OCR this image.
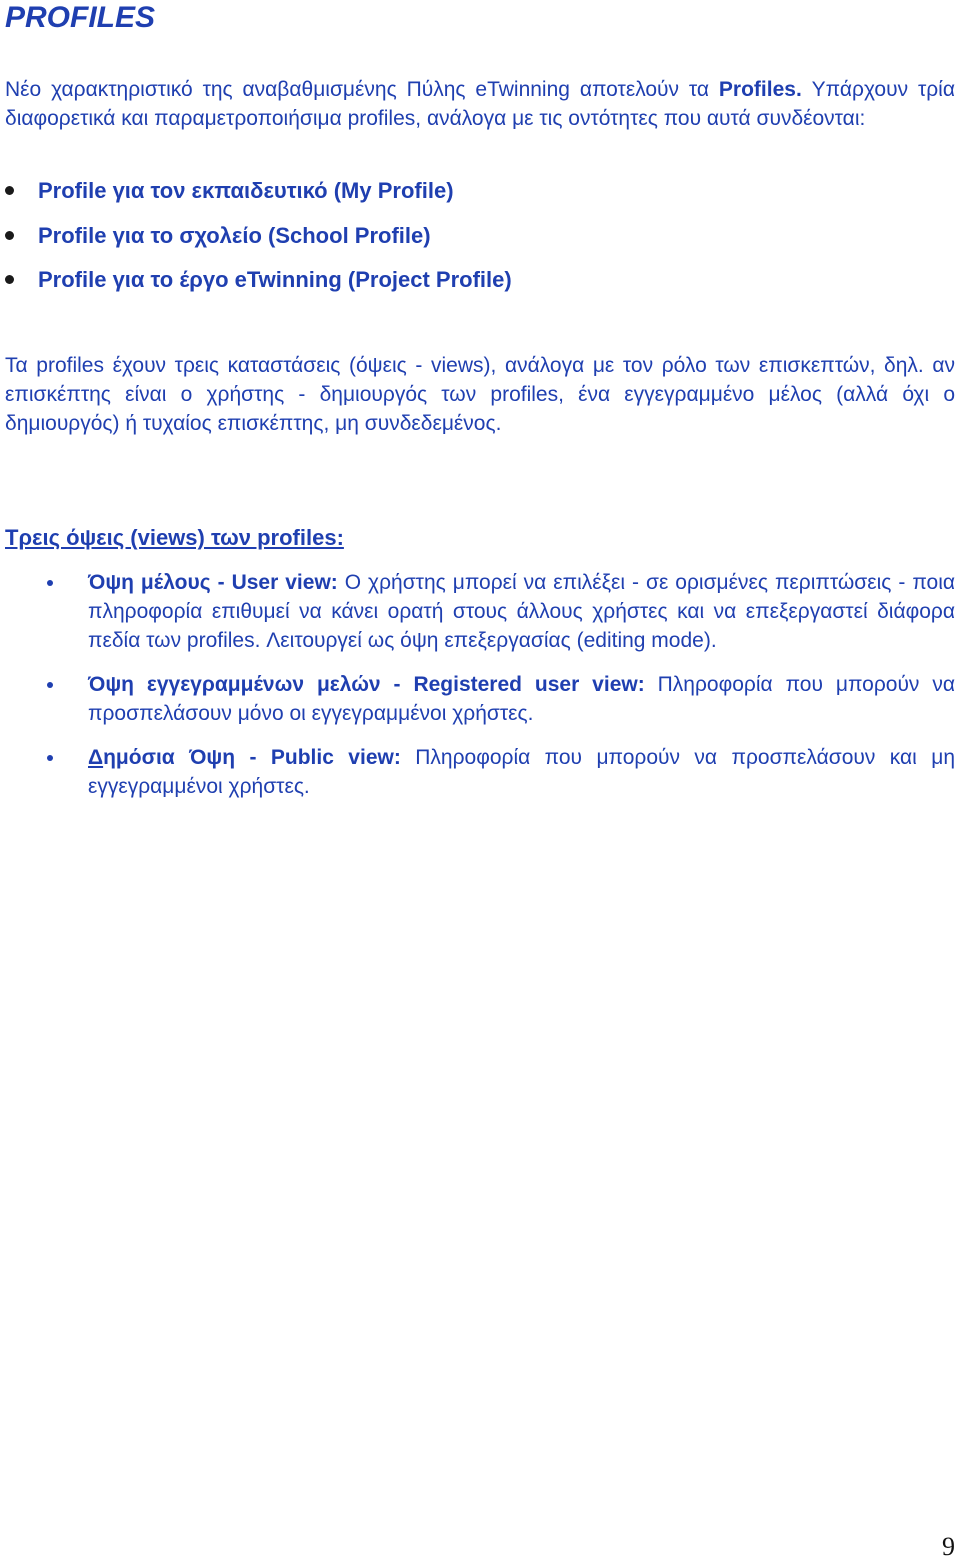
PROFILES

Νέο χαρακτηριστικό της αναβαθμισμένης Πύλης eTwinning αποτελούν τα Profiles. Υπάρχουν τρία διαφορετικά και παραμετροποιήσιμα profiles, ανάλογα με τις οντότητες που αυτά συνδέονται:

Profile για τον εκπαιδευτικό (My Profile)
Profile για το σχολείο (School Profile)
Profile για το έργο eTwinning (Project Profile)

Τα profiles έχουν τρεις καταστάσεις (όψεις - views), ανάλογα με τον ρόλο των επισκεπτών, δηλ. αν επισκέπτης είναι ο χρήστης - δημιουργός των profiles, ένα εγγεγραμμένο μέλος (αλλά όχι ο δημιουργός) ή τυχαίος επισκέπτης, μη συνδεδεμένος.

Τρεις όψεις (views) των profiles:

Όψη μέλους - User view: Ο χρήστης μπορεί να επιλέξει - σε ορισμένες περιπτώσεις - ποια πληροφορία επιθυμεί να κάνει ορατή στους άλλους χρήστες και να επεξεργαστεί διάφορα πεδία των profiles. Λειτουργεί ως όψη επεξεργασίας (editing mode).

Όψη εγγεγραμμένων μελών - Registered user view: Πληροφορία που μπορούν να προσπελάσουν μόνο οι εγγεγραμμένοι χρήστες.

Δημόσια Όψη - Public view: Πληροφορία που μπορούν να προσπελάσουν και μη εγγεγραμμένοι χρήστες.

9
